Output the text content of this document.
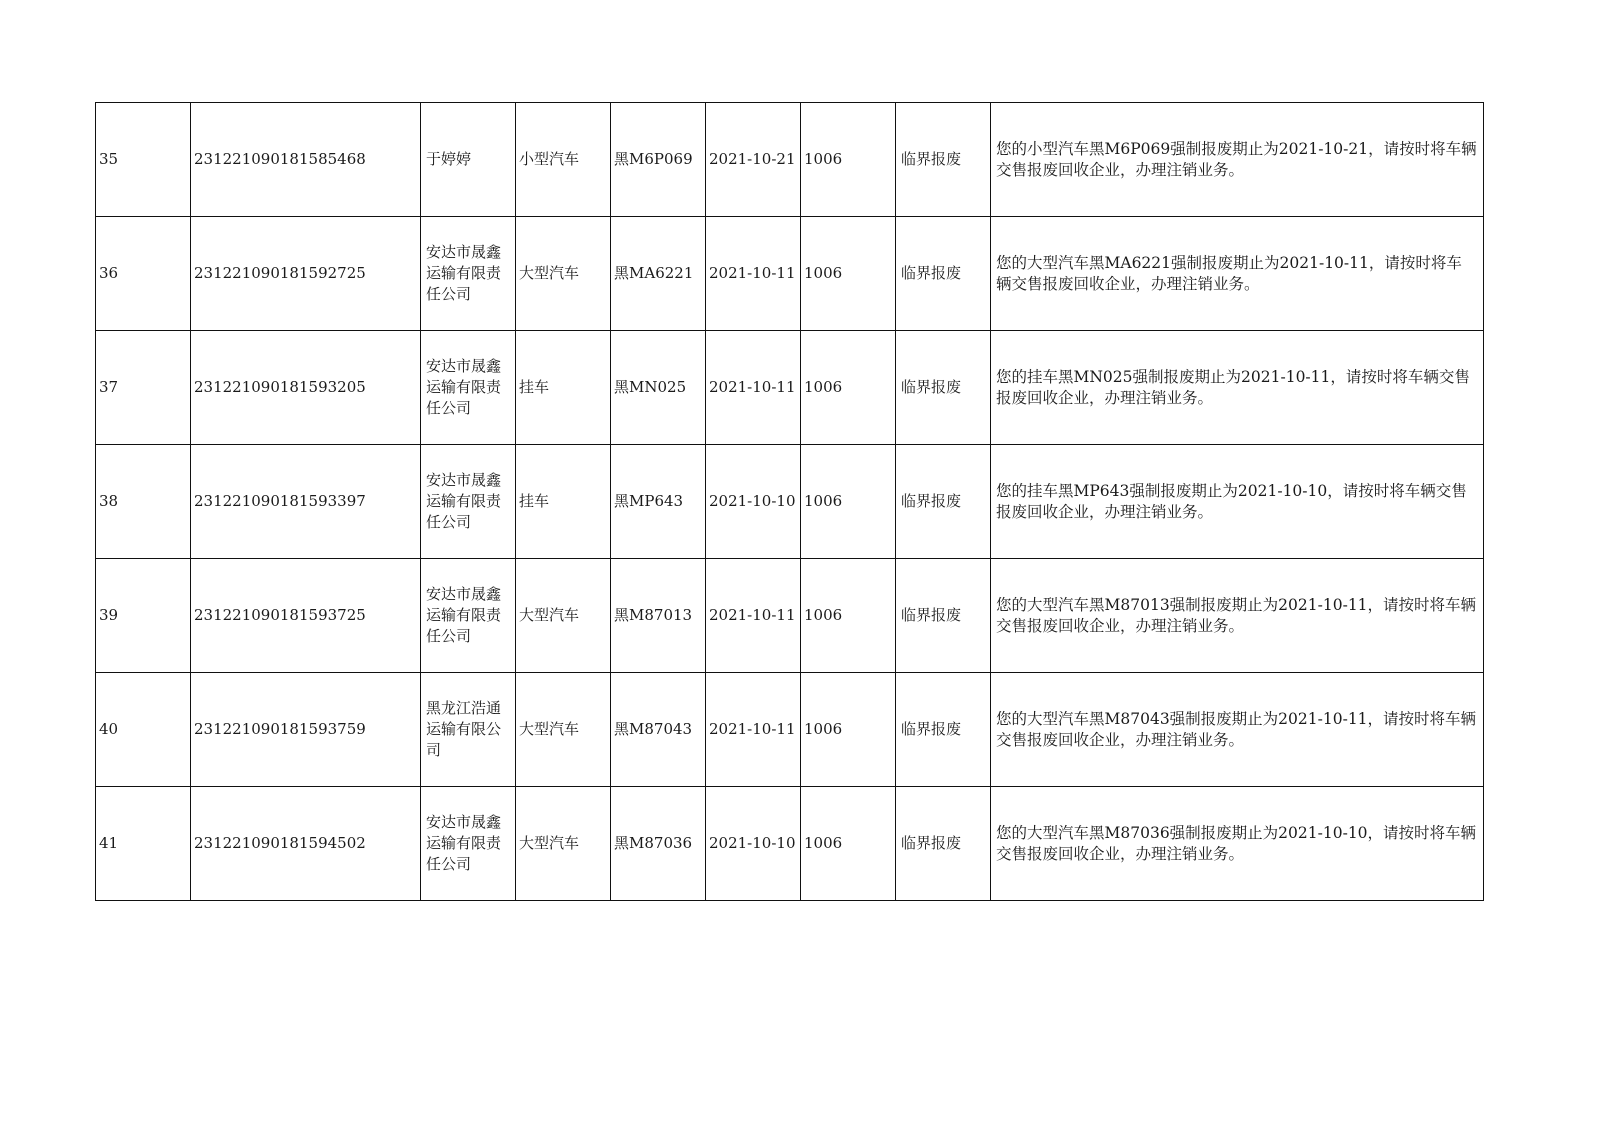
35	231221090181585468	于婷婷	小型汽车	黑M6P069	2021-10-21	1006	临界报废	您的小型汽车黑M6P069强制报废期止为2021-10-21，请按时将车辆交售报废回收企业，办理注销业务。
36	231221090181592725	安达市晟鑫运输有限责任公司	大型汽车	黑MA6221	2021-10-11	1006	临界报废	您的大型汽车黑MA6221强制报废期止为2021-10-11，请按时将车辆交售报废回收企业，办理注销业务。
37	231221090181593205	安达市晟鑫运输有限责任公司	挂车	黑MN025	2021-10-11	1006	临界报废	您的挂车黑MN025强制报废期止为2021-10-11，请按时将车辆交售报废回收企业，办理注销业务。
38	231221090181593397	安达市晟鑫运输有限责任公司	挂车	黑MP643	2021-10-10	1006	临界报废	您的挂车黑MP643强制报废期止为2021-10-10，请按时将车辆交售报废回收企业，办理注销业务。
39	231221090181593725	安达市晟鑫运输有限责任公司	大型汽车	黑M87013	2021-10-11	1006	临界报废	您的大型汽车黑M87013强制报废期止为2021-10-11，请按时将车辆交售报废回收企业，办理注销业务。
40	231221090181593759	黑龙江浩通运输有限公司	大型汽车	黑M87043	2021-10-11	1006	临界报废	您的大型汽车黑M87043强制报废期止为2021-10-11，请按时将车辆交售报废回收企业，办理注销业务。
41	231221090181594502	安达市晟鑫运输有限责任公司	大型汽车	黑M87036	2021-10-10	1006	临界报废	您的大型汽车黑M87036强制报废期止为2021-10-10，请按时将车辆交售报废回收企业，办理注销业务。
